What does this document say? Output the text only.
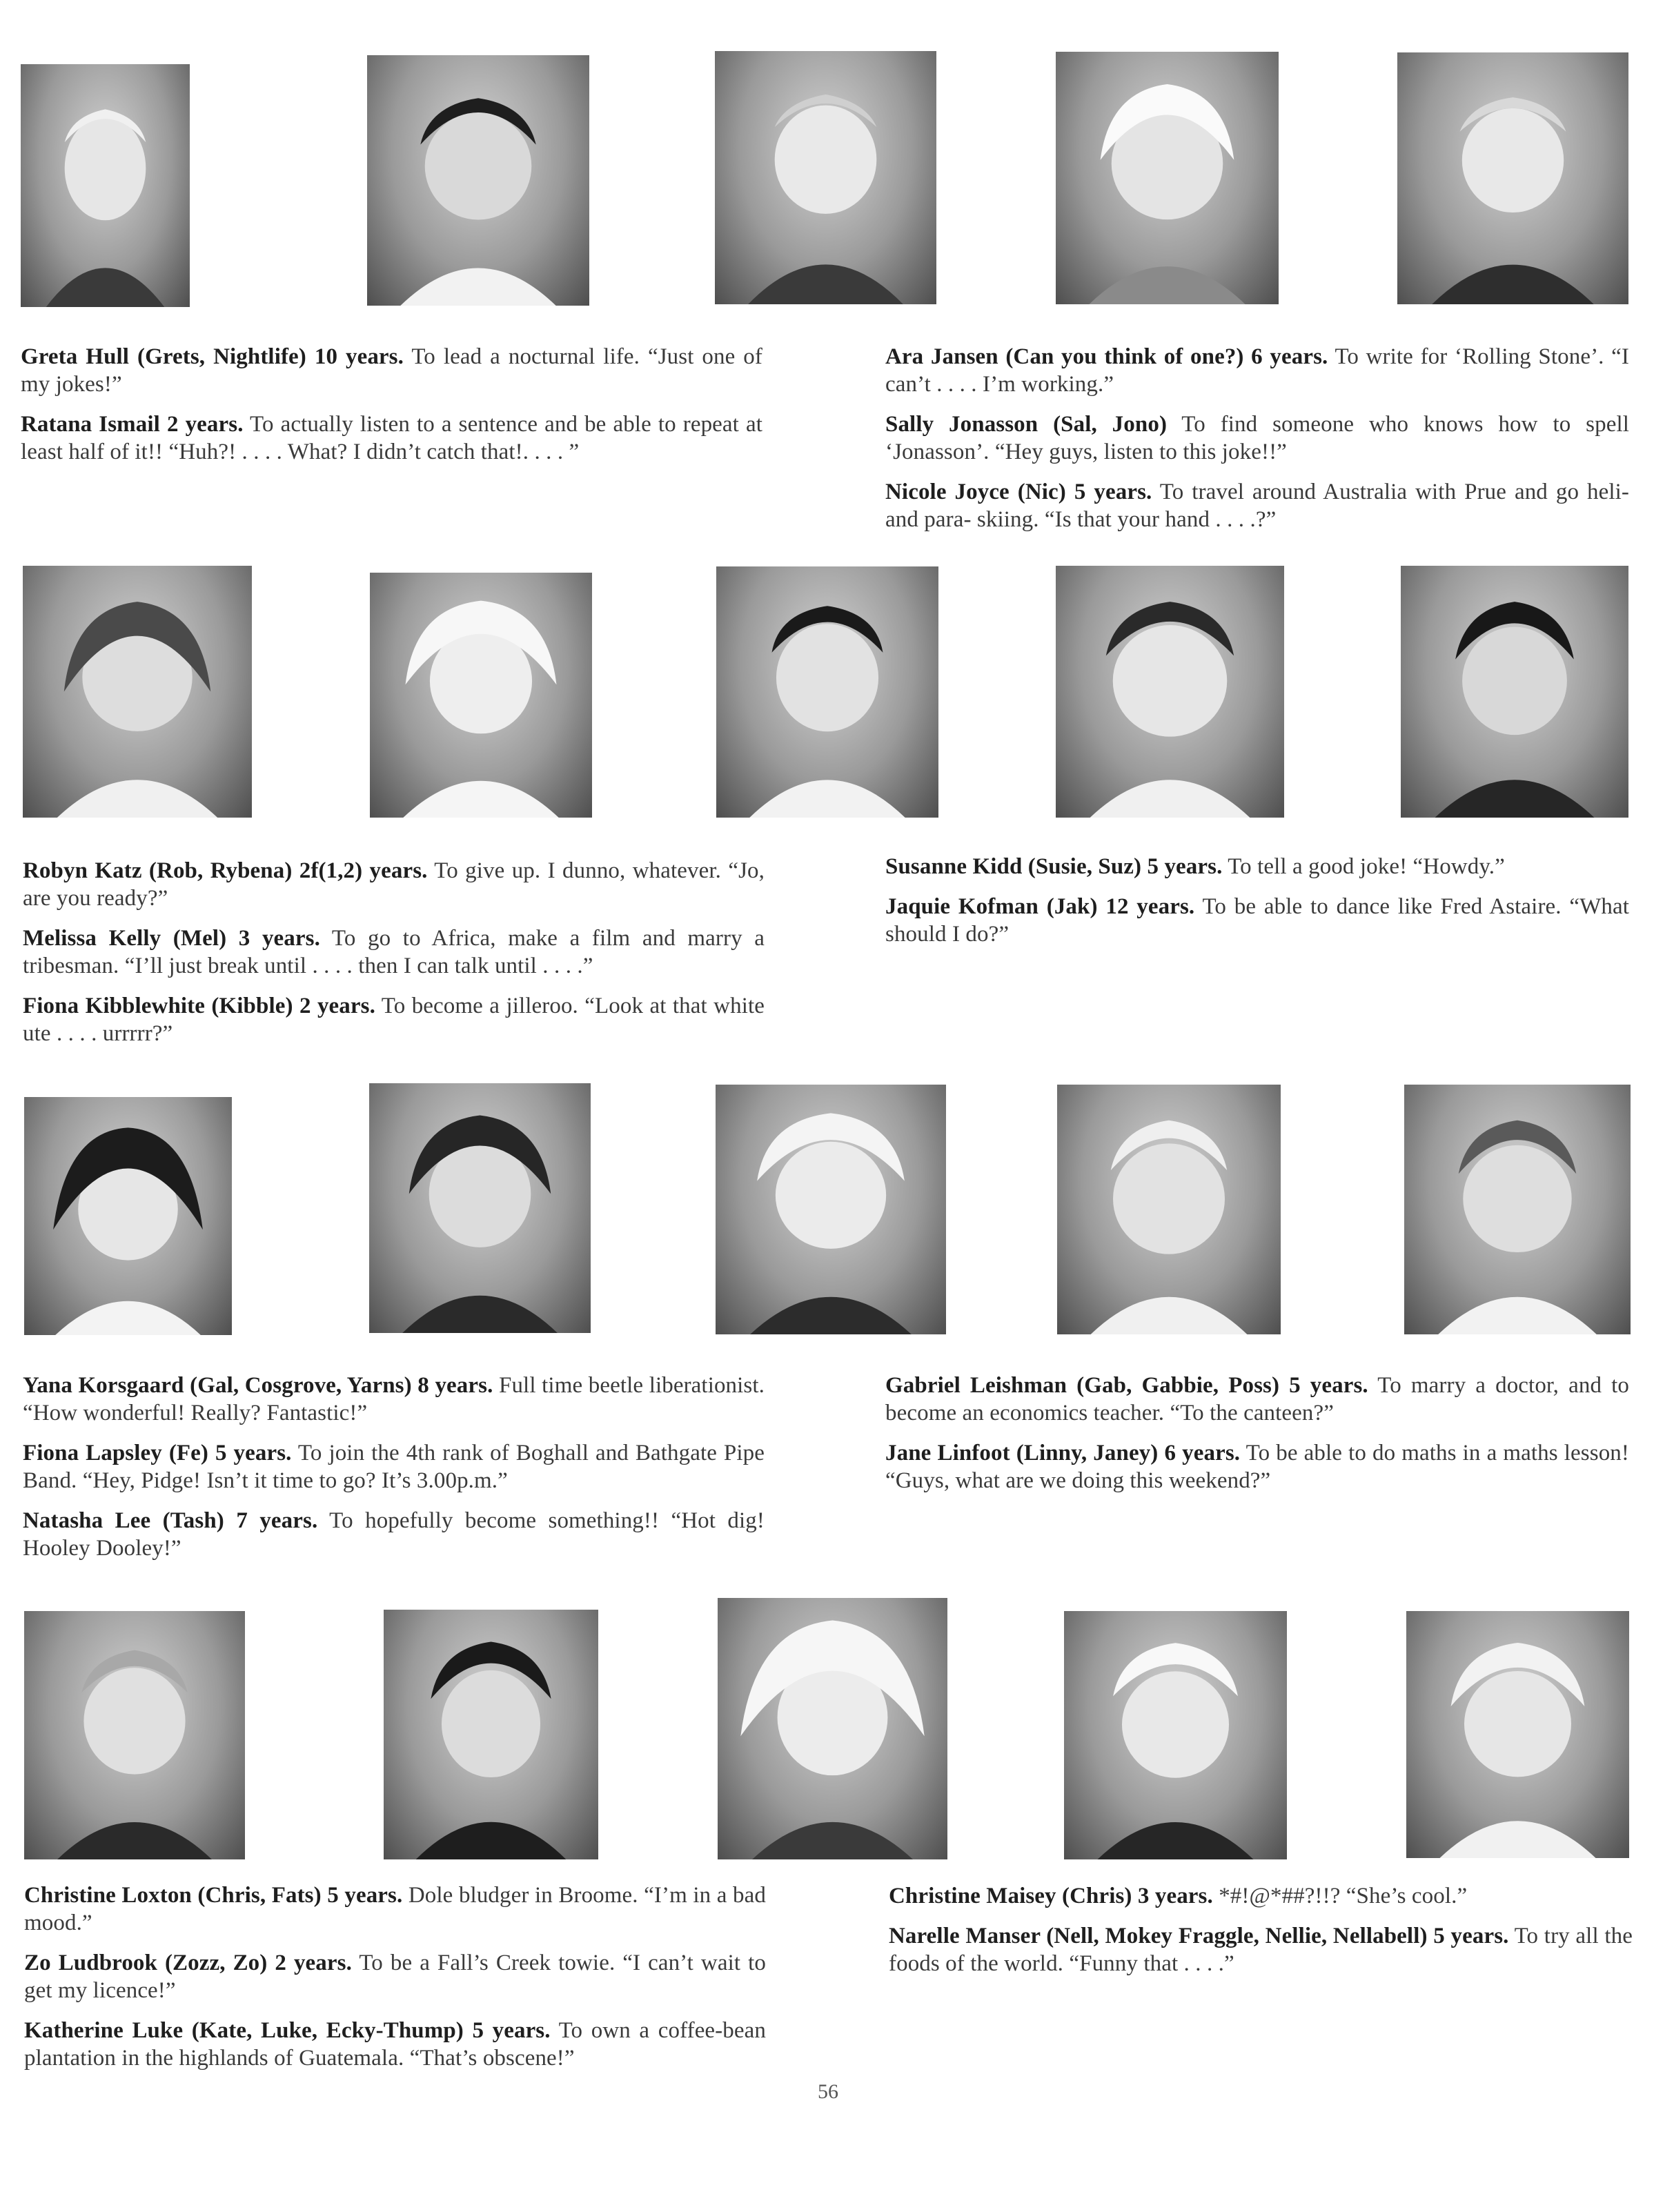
Greta Hull (Grets, Nightlife) 10 years. To lead a nocturnal life. “Just one of my jokes!”

Ratana Ismail 2 years. To actually listen to a sentence and be able to repeat at least half of it!! “Huh?! . . . . What? I didn’t catch that!. . . . ”

Ara Jansen (Can you think of one?) 6 years. To write for ‘Rolling Stone’. “I can’t . . . . I’m working.”

Sally Jonasson (Sal, Jono) To find someone who knows how to spell ‘Jonasson’. “Hey guys, listen to this joke!!”

Nicole Joyce (Nic) 5 years. To travel around Australia with Prue and go heli- and para- skiing. “Is that your hand . . . .?”

Robyn Katz (Rob, Rybena) 2f(1,2) years. To give up. I dunno, whatever. “Jo, are you ready?”

Melissa Kelly (Mel) 3 years. To go to Africa, make a film and marry a tribesman. “I’ll just break until . . . . then I can talk until . . . .”

Fiona Kibblewhite (Kibble) 2 years. To become a jilleroo. “Look at that white ute . . . . urrrrr?”

Susanne Kidd (Susie, Suz) 5 years. To tell a good joke! “Howdy.”

Jaquie Kofman (Jak) 12 years. To be able to dance like Fred Astaire. “What should I do?”

Yana Korsgaard (Gal, Cosgrove, Yarns) 8 years. Full time beetle liberationist. “How wonderful! Really? Fantastic!”

Fiona Lapsley (Fe) 5 years. To join the 4th rank of Boghall and Bathgate Pipe Band. “Hey, Pidge! Isn’t it time to go? It’s 3.00p.m.”

Natasha Lee (Tash) 7 years. To hopefully become something!! “Hot dig! Hooley Dooley!”

Gabriel Leishman (Gab, Gabbie, Poss) 5 years. To marry a doctor, and to become an economics teacher. “To the canteen?”

Jane Linfoot (Linny, Janey) 6 years. To be able to do maths in a maths lesson! “Guys, what are we doing this weekend?”

Christine Loxton (Chris, Fats) 5 years. Dole bludger in Broome. “I’m in a bad mood.”

Zo Ludbrook (Zozz, Zo) 2 years. To be a Fall’s Creek towie. “I can’t wait to get my licence!”

Katherine Luke (Kate, Luke, Ecky-Thump) 5 years. To own a coffee-bean plantation in the highlands of Guatemala. “That’s obscene!”

Christine Maisey (Chris) 3 years. *#!@*##?!!? “She’s cool.”

Narelle Manser (Nell, Mokey Fraggle, Nellie, Nellabell) 5 years. To try all the foods of the world. “Funny that . . . .”

56
